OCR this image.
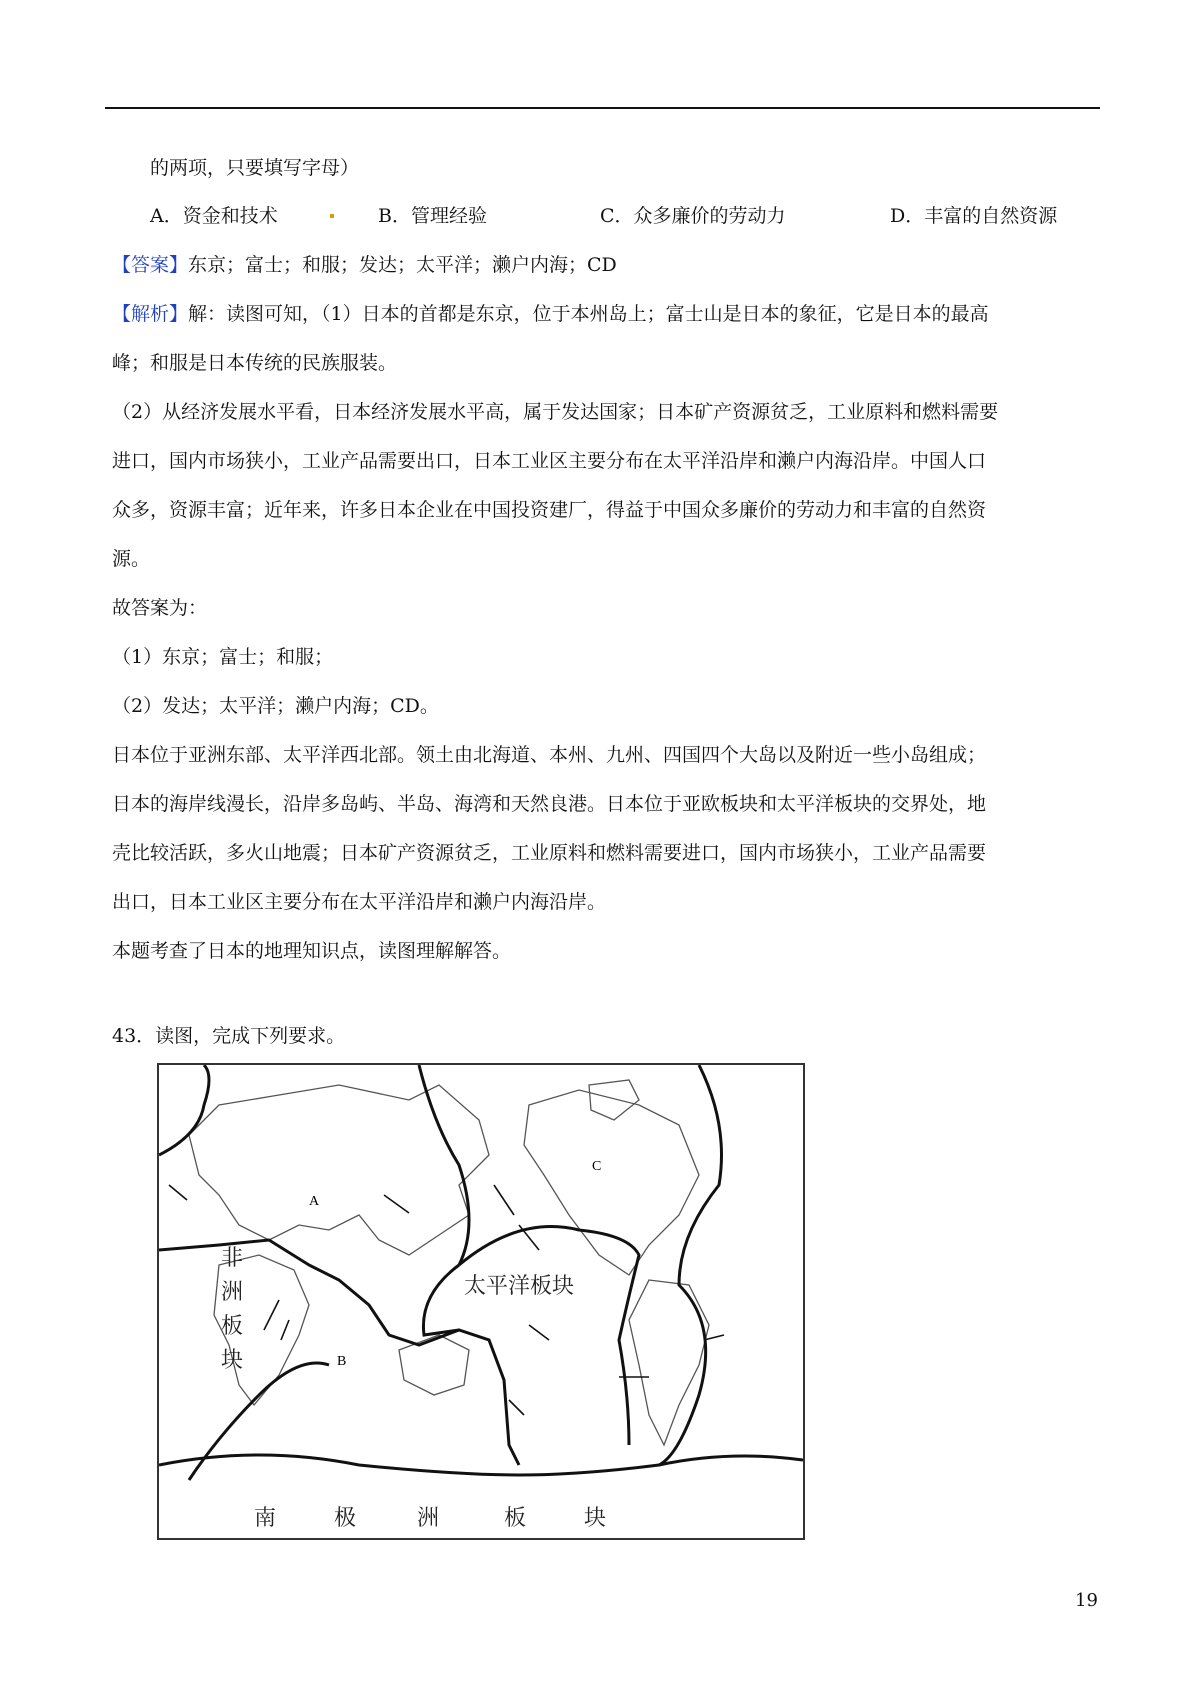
的两项，只要填写字母）
A．资金和技术	B．管理经验	C．众多廉价的劳动力	D．丰富的自然资源
【答案】东京；富士；和服；发达；太平洋；濑户内海；CD
【解析】解：读图可知，（1）日本的首都是东京，位于本州岛上；富士山是日本的象征，它是日本的最高
峰；和服是日本传统的民族服装。
（2）从经济发展水平看，日本经济发展水平高，属于发达国家；日本矿产资源贫乏，工业原料和燃料需要
进口，国内市场狭小，工业产品需要出口，日本工业区主要分布在太平洋沿岸和濑户内海沿岸。中国人口
众多，资源丰富；近年来，许多日本企业在中国投资建厂，得益于中国众多廉价的劳动力和丰富的自然资
源。
故答案为：
（1）东京；富士；和服；
（2）发达；太平洋；濑户内海；CD。
日本位于亚洲东部、太平洋西北部。领土由北海道、本州、九州、四国四个大岛以及附近一些小岛组成；
日本的海岸线漫长，沿岸多岛屿、半岛、海湾和天然良港。日本位于亚欧板块和太平洋板块的交界处，地
壳比较活跃，多火山地震；日本矿产资源贫乏，工业原料和燃料需要进口，国内市场狭小，工业产品需要
出口，日本工业区主要分布在太平洋沿岸和濑户内海沿岸。
本题考查了日本的地理知识点，读图理解解答。
43．读图，完成下列要求。
A
B
C
非
洲
板
块
太平洋板块
南	极	洲	板	块
19
